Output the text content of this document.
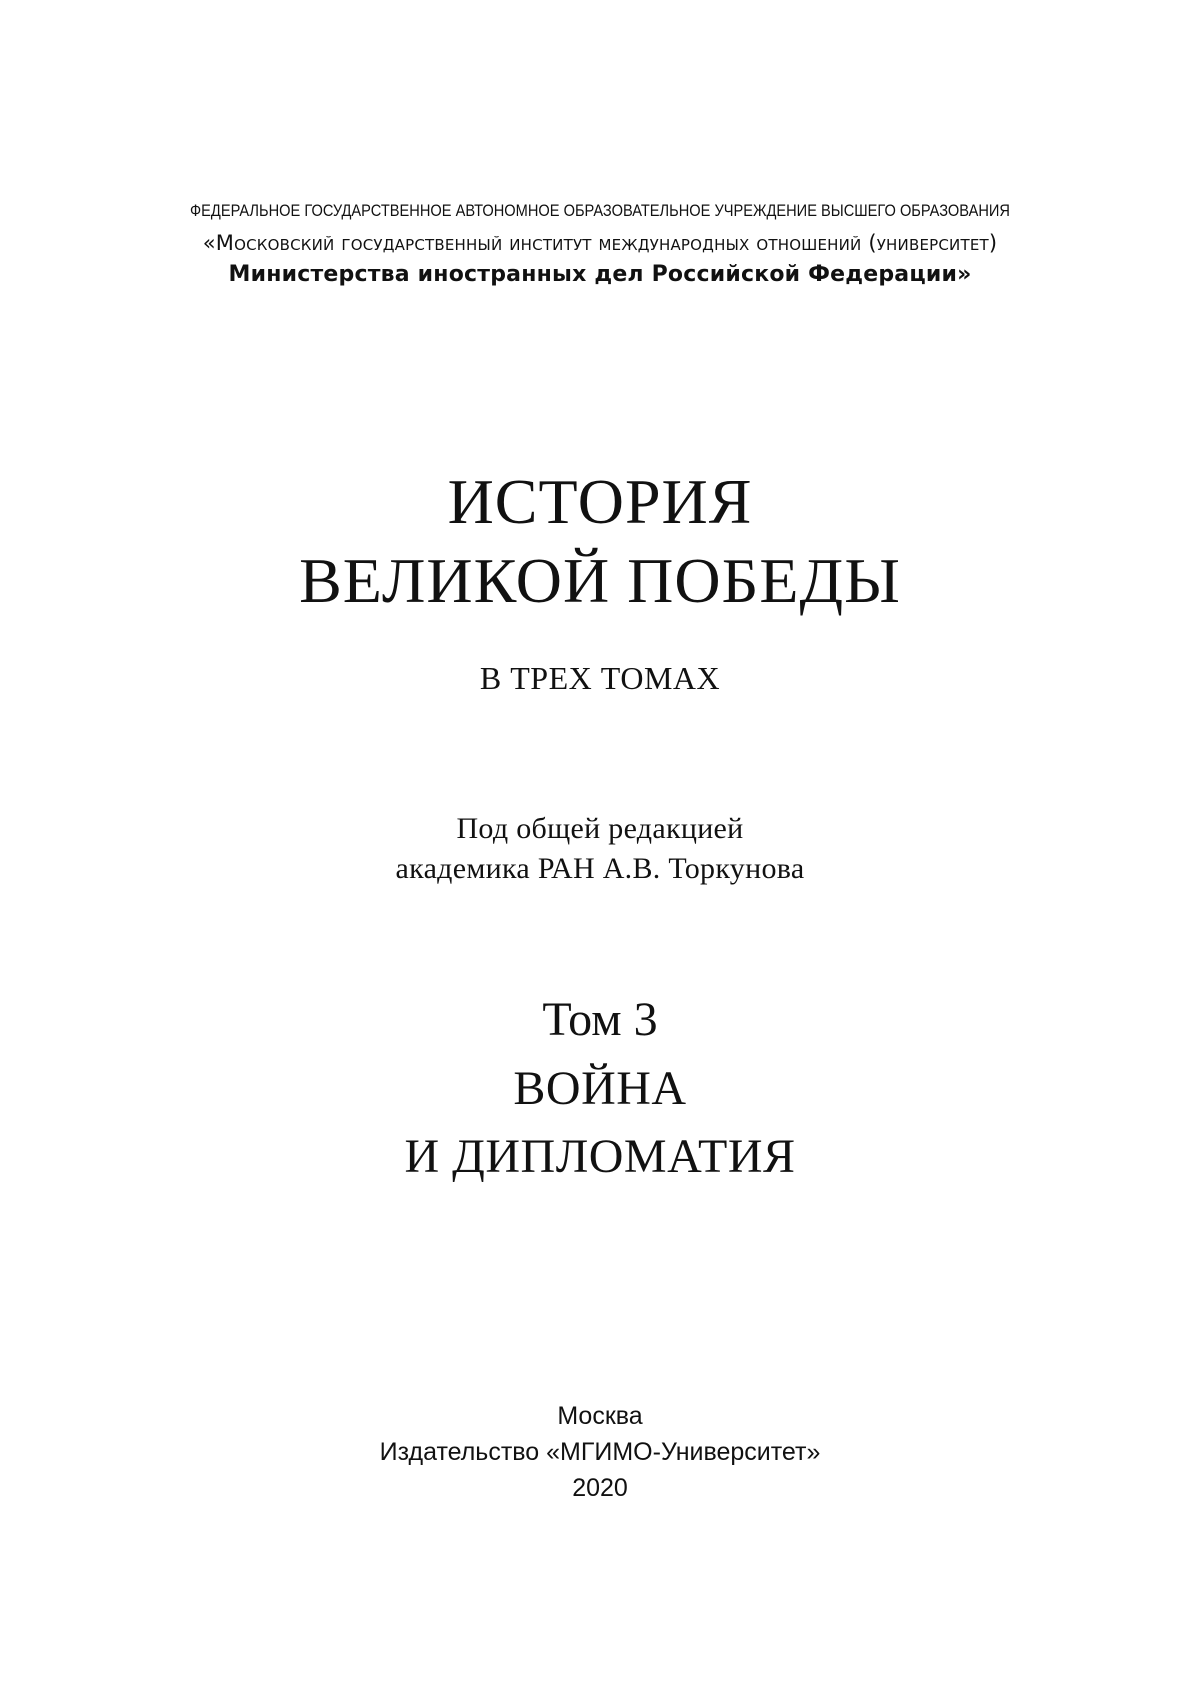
ФЕДЕРАЛЬНОЕ ГОСУДАРСТВЕННОЕ АВТОНОМНОЕ ОБРАЗОВАТЕЛЬНОЕ УЧРЕЖДЕНИЕ ВЫСШЕГО ОБРАЗОВАНИЯ
«Московский государственный институт международных отношений (университет)
Министерства иностранных дел Российской Федерации»
ИСТОРИЯ
ВЕЛИКОЙ ПОБЕДЫ
В ТРЕХ ТОМАХ
Под общей редакцией
академика РАН А.В. Торкунова
Том 3
ВОЙНА
И ДИПЛОМАТИЯ
Москва
Издательство «МГИМО-Университет»
2020
